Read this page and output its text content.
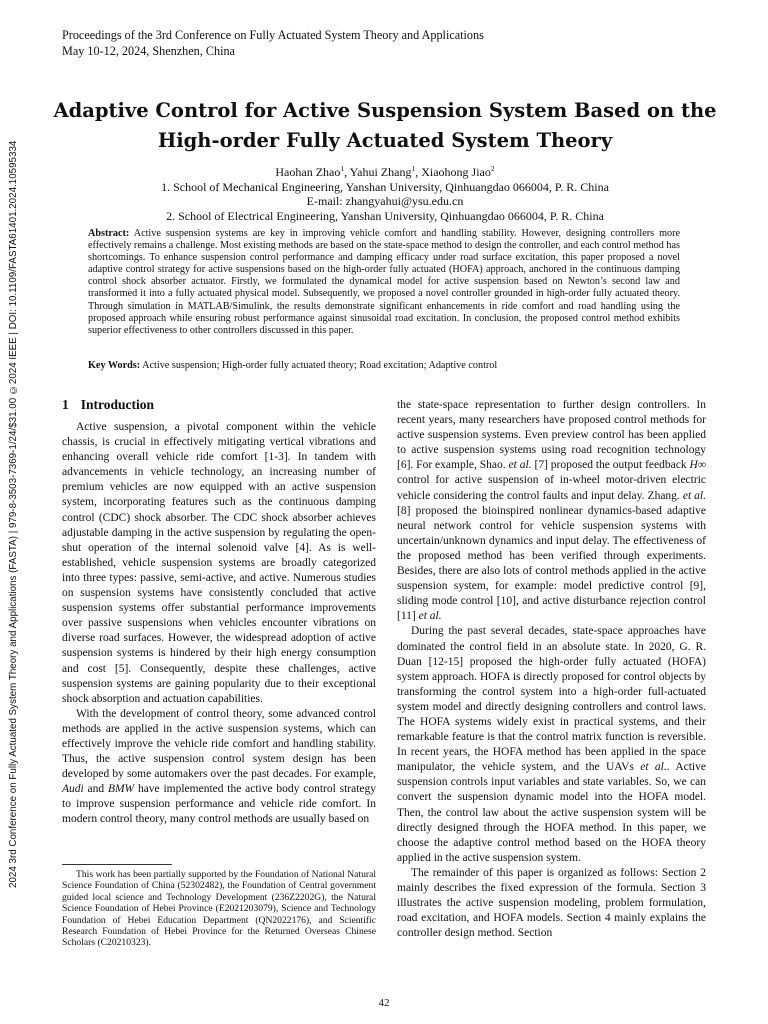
Proceedings of the 3rd Conference on Fully Actuated System Theory and Applications
May 10-12, 2024, Shenzhen, China
2024 3rd Conference on Fully Actuated System Theory and Applications (FASTA) | 979-8-3503-7369-1/24/$31.00 ©2024 IEEE | DOI: 10.1109/FASTA61401.2024.10595334
Adaptive Control for Active Suspension System Based on the
High-order Fully Actuated System Theory
Haohan Zhao$^1$, Yahui Zhang$^1$, Xiaohong Jiao$^2$
1. School of Mechanical Engineering, Yanshan University, Qinhuangdao 066004, P. R. China
E-mail: zhangyahui@ysu.edu.cn
2. School of Electrical Engineering, Yanshan University, Qinhuangdao 066004, P. R. China
Abstract: Active suspension systems are key in improving vehicle comfort and handling stability. However, designing controllers more effectively remains a challenge. Most existing methods are based on the state-space method to design the controller, and each control method has shortcomings. To enhance suspension control performance and damping efficacy under road surface excitation, this paper proposed a novel adaptive control strategy for active suspensions based on the high-order fully actuated (HOFA) approach, anchored in the continuous damping control shock absorber actuator. Firstly, we formulated the dynamical model for active suspension based on Newton’s second law and transformed it into a fully actuated physical model. Subsequently, we proposed a novel controller grounded in high-order fully actuated theory. Through simulation in MATLAB/Simulink, the results demonstrate significant enhancements in ride comfort and road handling using the proposed approach while ensuring robust performance against sinusoidal road excitation. In conclusion, the proposed control method exhibits superior effectiveness to other controllers discussed in this paper.
Key Words: Active suspension; High-order fully actuated theory; Road excitation; Adaptive control
1 Introduction

Active suspension, a pivotal component within the vehicle chassis, is crucial in effectively mitigating vertical vibrations and enhancing overall vehicle ride comfort [1-3]. In tandem with advancements in vehicle technology, an increasing number of premium vehicles are now equipped with an active suspension system, incorporating features such as the continuous damping control (CDC) shock absorber. The CDC shock absorber achieves adjustable damping in the active suspension by regulating the open-shut operation of the internal solenoid valve [4]. As is well-established, vehicle suspension systems are broadly categorized into three types: passive, semi-active, and active. Numerous studies on suspension systems have consistently concluded that active suspension systems offer substantial performance improvements over passive suspensions when vehicles encounter vibrations on diverse road surfaces. However, the widespread adoption of active suspension systems is hindered by their high energy consumption and cost [5]. Consequently, despite these challenges, active suspension systems are gaining popularity due to their exceptional shock absorption and actuation capabilities.

With the development of control theory, some advanced control methods are applied in the active suspension systems, which can effectively improve the vehicle ride comfort and handling stability. Thus, the active suspension control system design has been developed by some automakers over the past decades. For example, Audi and BMW have implemented the active body control strategy to improve suspension performance and vehicle ride comfort. In modern control theory, many control methods are usually based on

This work has been partially supported by the Foundation of National Natural Science Foundation of China (52302482), the Foundation of Central government guided local science and Technology Development (236Z2202G), the Natural Science Foundation of Hebei Province (E2021203079), Science and Technology Foundation of Hebei Education Department (QN2022176), and Scientific Research Foundation of Hebei Province for the Returned Overseas Chinese Scholars (C20210323).

the state-space representation to further design controllers. In recent years, many researchers have proposed control methods for active suspension systems. Even preview control has been applied to active suspension systems using road recognition technology [6]. For example, Shao. et al. [7] proposed the output feedback H∞ control for active suspension of in-wheel motor-driven electric vehicle considering the control faults and input delay. Zhang. et al. [8] proposed the bioinspired nonlinear dynamics-based adaptive neural network control for vehicle suspension systems with uncertain/unknown dynamics and input delay. The effectiveness of the proposed method has been verified through experiments. Besides, there are also lots of control methods applied in the active suspension system, for example: model predictive control [9], sliding mode control [10], and active disturbance rejection control [11] et al.

During the past several decades, state-space approaches have dominated the control field in an absolute state. In 2020, G. R. Duan [12-15] proposed the high-order fully actuated (HOFA) system approach. HOFA is directly proposed for control objects by transforming the control system into a high-order full-actuated system model and directly designing controllers and control laws. The HOFA systems widely exist in practical systems, and their remarkable feature is that the control matrix function is reversible. In recent years, the HOFA method has been applied in the space manipulator, the vehicle system, and the UAVs et al.. Active suspension controls input variables and state variables. So, we can convert the suspension dynamic model into the HOFA model. Then, the control law about the active suspension system will be directly designed through the HOFA method. In this paper, we choose the adaptive control method based on the HOFA theory applied in the active suspension system.

The remainder of this paper is organized as follows: Section 2 mainly describes the fixed expression of the formula. Section 3 illustrates the active suspension modeling, problem formulation, road excitation, and HOFA models. Section 4 mainly explains the controller design method. Section

42
